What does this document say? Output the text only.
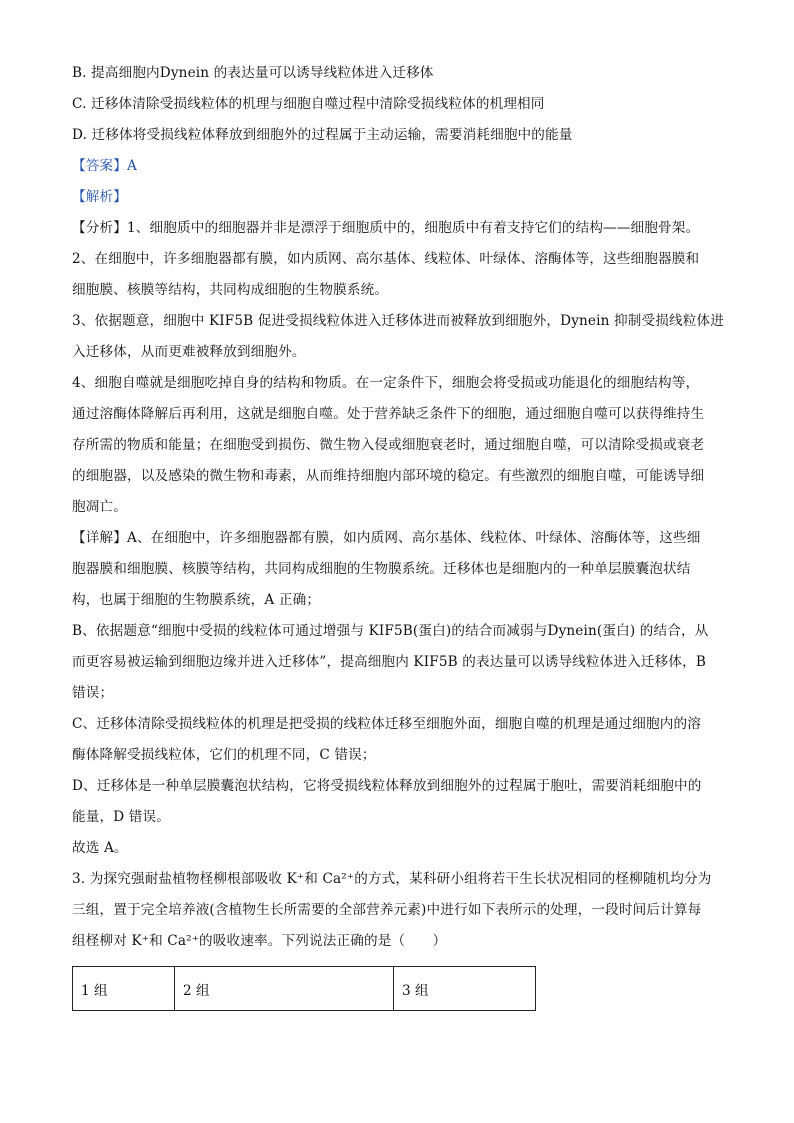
B. 提高细胞内Dynein 的表达量可以诱导线粒体进入迁移体
C. 迁移体清除受损线粒体的机理与细胞自噬过程中清除受损线粒体的机理相同
D. 迁移体将受损线粒体释放到细胞外的过程属于主动运输，需要消耗细胞中的能量
【答案】A
【解析】
【分析】1、细胞质中的细胞器并非是漂浮于细胞质中的，细胞质中有着支持它们的结构——细胞骨架。
2、在细胞中，许多细胞器都有膜，如内质网、高尔基体、线粒体、叶绿体、溶酶体等，这些细胞器膜和
细胞膜、核膜等结构，共同构成细胞的生物膜系统。
3、依据题意，细胞中 KIF5B 促进受损线粒体进入迁移体进而被释放到细胞外，Dynein 抑制受损线粒体进
入迁移体，从而更难被释放到细胞外。
4、细胞自噬就是细胞吃掉自身的结构和物质。在一定条件下，细胞会将受损或功能退化的细胞结构等，
通过溶酶体降解后再利用，这就是细胞自噬。处于营养缺乏条件下的细胞，通过细胞自噬可以获得维持生
存所需的物质和能量；在细胞受到损伤、微生物入侵或细胞衰老时，通过细胞自噬，可以清除受损或衰老
的细胞器，以及感染的微生物和毒素，从而维持细胞内部环境的稳定。有些激烈的细胞自噬，可能诱导细
胞凋亡。
【详解】A、在细胞中，许多细胞器都有膜，如内质网、高尔基体、线粒体、叶绿体、溶酶体等，这些细
胞器膜和细胞膜、核膜等结构，共同构成细胞的生物膜系统。迁移体也是细胞内的一种单层膜囊泡状结
构，也属于细胞的生物膜系统，A 正确；
B、依据题意“细胞中受损的线粒体可通过增强与 KIF5B(蛋白)的结合而减弱与Dynein(蛋白) 的结合，从
而更容易被运输到细胞边缘并进入迁移体”，提高细胞内 KIF5B 的表达量可以诱导线粒体进入迁移体，B
错误；
C、迁移体清除受损线粒体的机理是把受损的线粒体迁移至细胞外面，细胞自噬的机理是通过细胞内的溶
酶体降解受损线粒体，它们的机理不同，C 错误；
D、迁移体是一种单层膜囊泡状结构，它将受损线粒体释放到细胞外的过程属于胞吐，需要消耗细胞中的
能量，D 错误。
故选 A。
3. 为探究强耐盐植物柽柳根部吸收 K⁺和 Ca²⁺的方式，某科研小组将若干生长状况相同的柽柳随机均分为
三组，置于完全培养液(含植物生长所需要的全部营养元素)中进行如下表所示的处理，一段时间后计算每
组柽柳对 K⁺和 Ca²⁺的吸收速率。下列说法正确的是（　　）
1 组	2 组	3 组
